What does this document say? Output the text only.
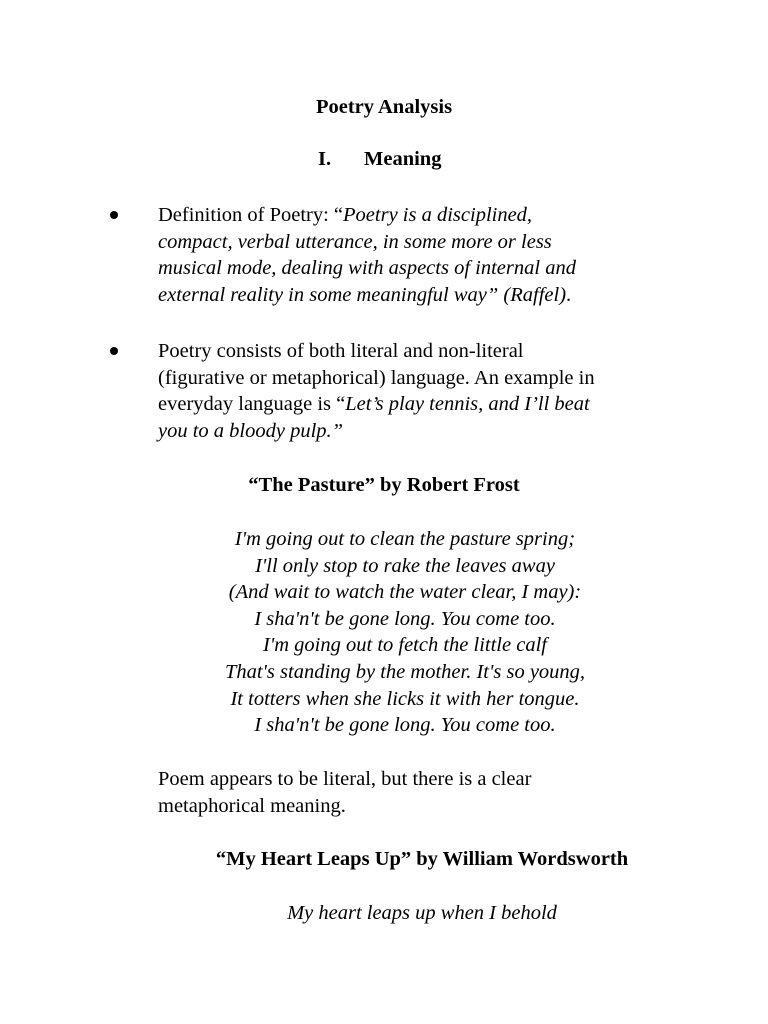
Poetry Analysis
I. Meaning
Definition of Poetry: “Poetry is a disciplined,
compact, verbal utterance, in some more or less
musical mode, dealing with aspects of internal and
external reality in some meaningful way” (Raffel).
Poetry consists of both literal and non-literal
(figurative or metaphorical) language. An example in
everyday language is “Let’s play tennis, and I’ll beat
you to a bloody pulp.”
“The Pasture” by Robert Frost
I'm going out to clean the pasture spring;
I'll only stop to rake the leaves away
(And wait to watch the water clear, I may):
I sha'n't be gone long. You come too.
I'm going out to fetch the little calf
That's standing by the mother. It's so young,
It totters when she licks it with her tongue.
I sha'n't be gone long. You come too.
Poem appears to be literal, but there is a clear
metaphorical meaning.
“My Heart Leaps Up” by William Wordsworth
My heart leaps up when I behold
